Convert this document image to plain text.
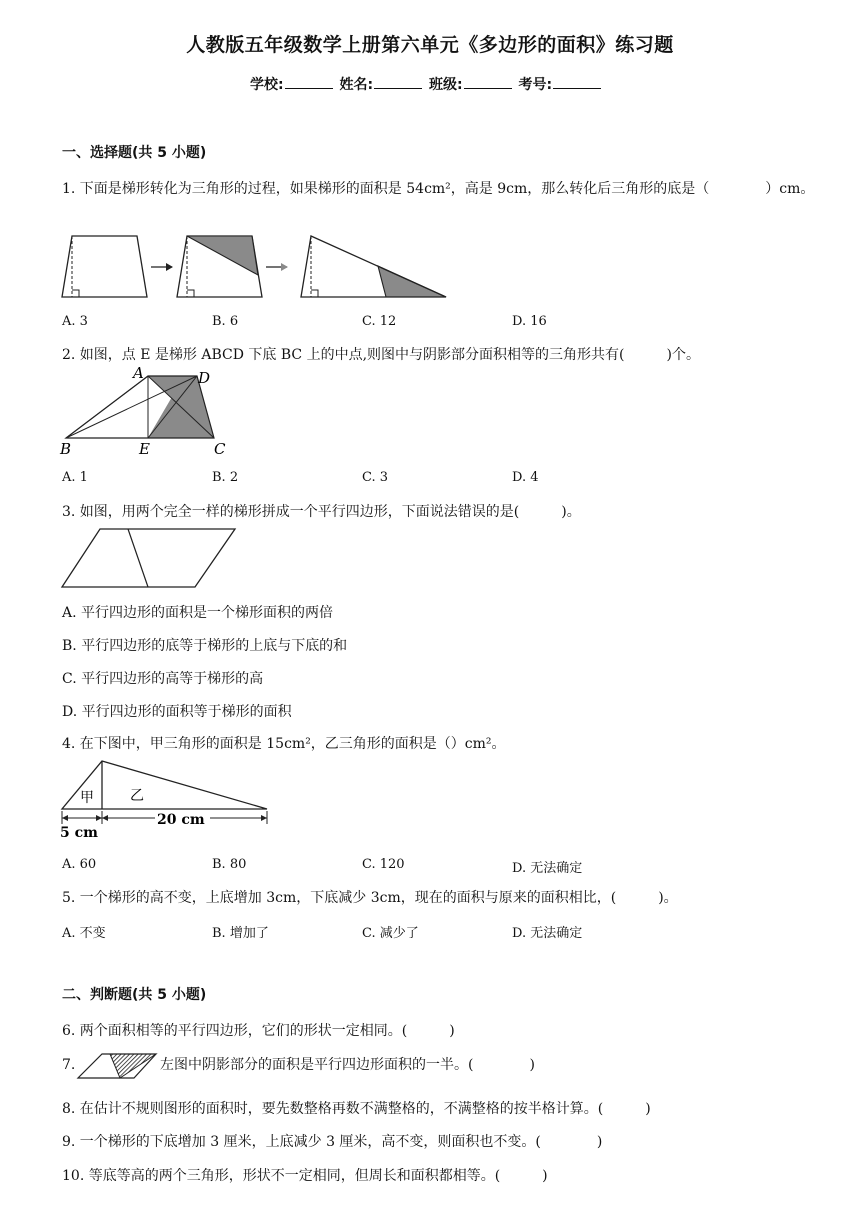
人教版五年级数学上册第六单元《多边形的面积》练习题
学校:	姓名:	班级:	考号:
一、选择题(共 5 小题)
1. 下面是梯形转化为三角形的过程，如果梯形的面积是 54cm²，高是 9cm，那么转化后三角形的底是（　　　　）cm。
A. 3	B. 6	C. 12	D. 16
2. 如图，点 E 是梯形 ABCD 下底 BC 上的中点,则图中与阴影部分面积相等的三角形共有(　　　)个。
A	D
B	E	C
A. 1	B. 2	C. 3	D. 4
3. 如图，用两个完全一样的梯形拼成一个平行四边形，下面说法错误的是(　　　)。
A. 平行四边形的面积是一个梯形面积的两倍
B. 平行四边形的底等于梯形的上底与下底的和
C. 平行四边形的高等于梯形的高
D. 平行四边形的面积等于梯形的面积
4. 在下图中，甲三角形的面积是 15cm²，乙三角形的面积是（）cm²。
甲	乙
5 cm
20 cm
A. 60	B. 80	C. 120	D. 无法确定
5. 一个梯形的高不变，上底增加 3cm，下底减少 3cm，现在的面积与原来的面积相比，(　　　)。
A. 不变	B. 增加了	C. 减少了	D. 无法确定
二、判断题(共 5 小题)
6. 两个面积相等的平行四边形，它们的形状一定相同。(　　　)
7.	左图中阴影部分的面积是平行四边形面积的一半。(　　　　)
8. 在估计不规则图形的面积时，要先数整格再数不满整格的，不满整格的按半格计算。(　　　)
9. 一个梯形的下底增加 3 厘米，上底减少 3 厘米，高不变，则面积也不变。(　　　　)
10. 等底等高的两个三角形，形状不一定相同，但周长和面积都相等。(　　　)
